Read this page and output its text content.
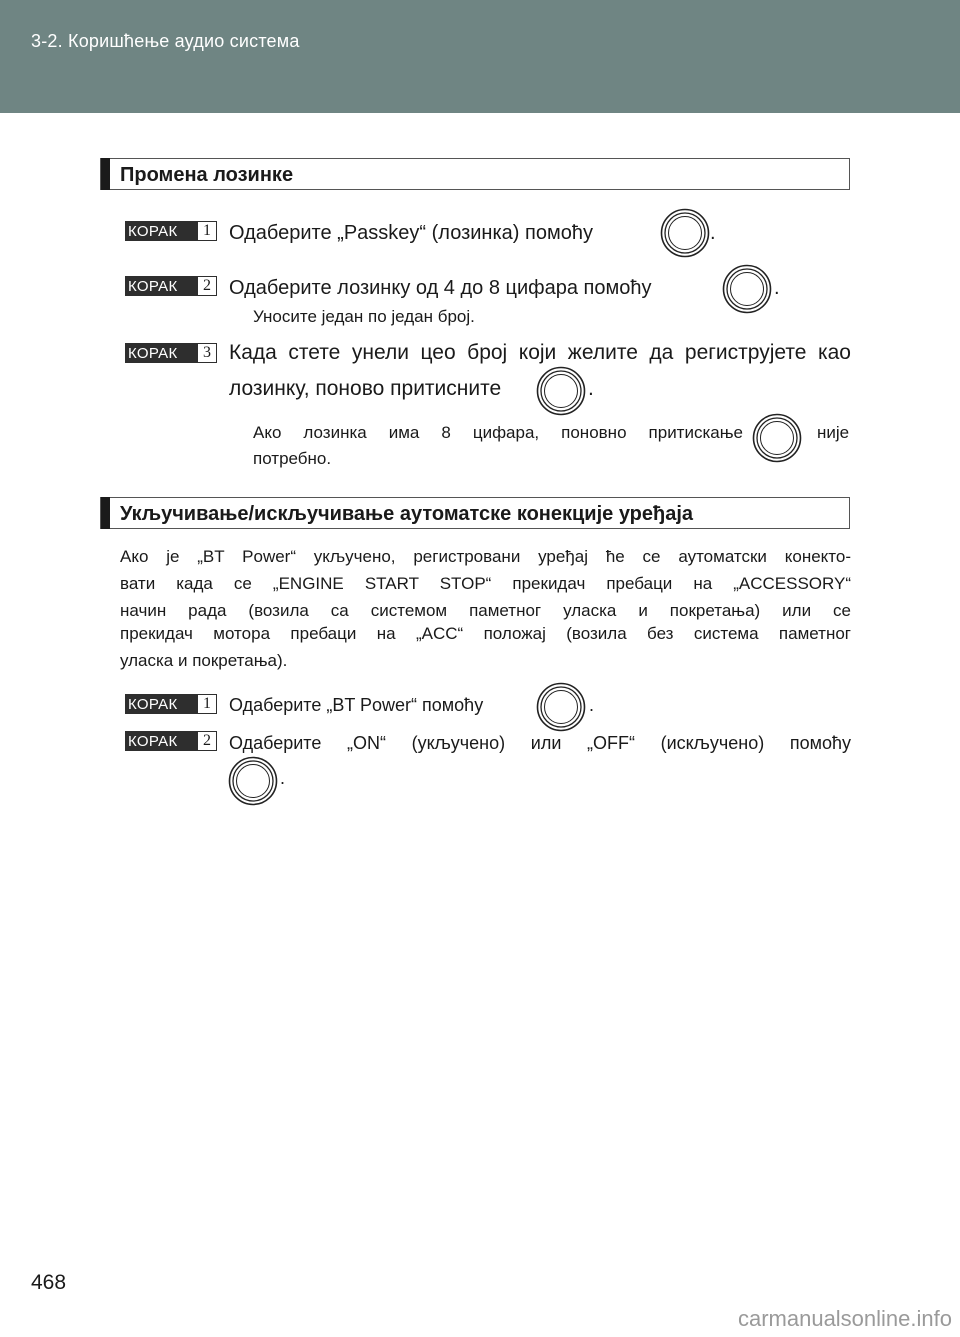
3-2. Коришћење аудио система
Промена лозинке
КОРАК	1 Одаберите „Passkey“ (лозинка) помоћу	.
КОРАК	2 Одаберите лозинку од 4 до 8 цифара помоћу	.
Уносите један по један број.
КОРАК	3 Када стете унели цео број који желите да региструјете као
лозинку, поново притисните	.
Ако лозинка има 8 цифара, поновно притискање	није
потребно.
Укључивање/искључивање аутоматске конекције уређаја
Ако је „BT Power“ укључено, регистровани уређај ће се аутоматски конекто-
вати када се „ENGINE START STOP“ прекидач пребаци на „ACCESSORY“
начин рада (возила са системом паметног уласка и покретања) или се
прекидач мотора пребаци на „ACC“ положај (возила без система паметног
уласка и покретања).
КОРАК	1	Одаберите „BT Power“ помоћу	.
КОРАК	2	Одаберите „ON“ (укључено) или „OFF“ (искључено) помоћу
.
468
carmanualsonline.info
